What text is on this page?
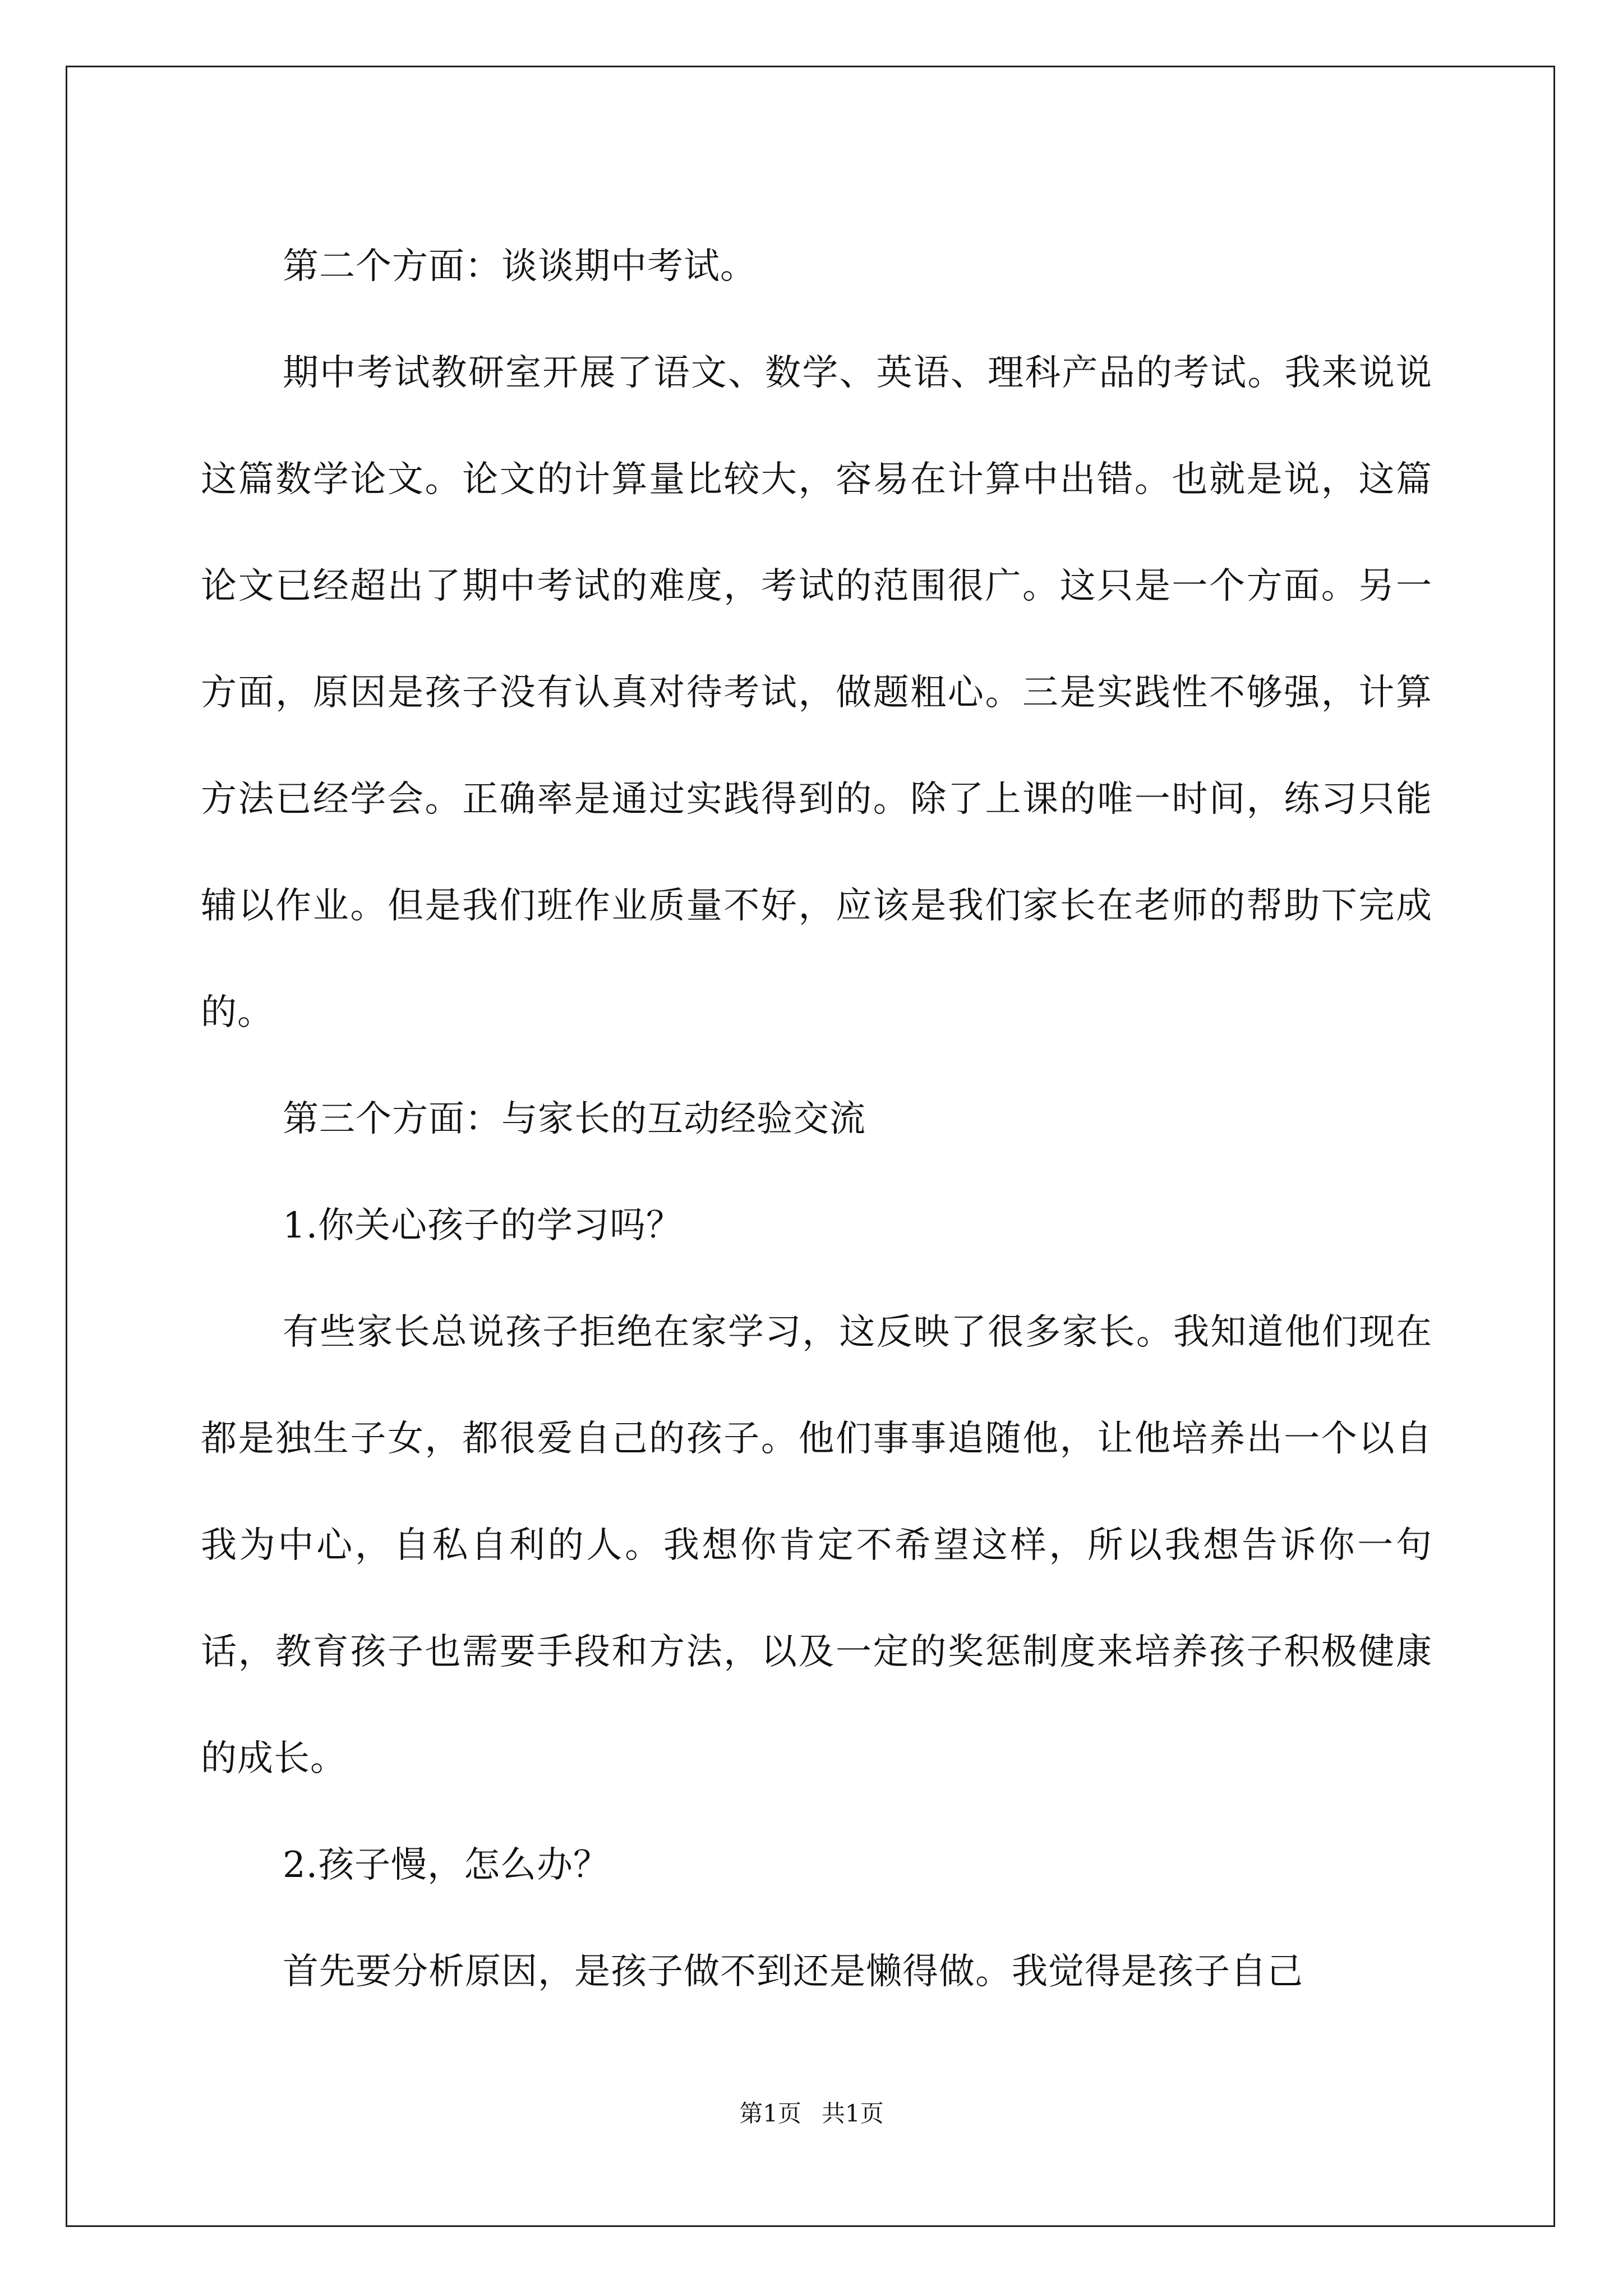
第二个方面：谈谈期中考试。

期中考试教研室开展了语文、数学、英语、理科产品的考试。我来说说这篇数学论文。论文的计算量比较大，容易在计算中出错。也就是说，这篇论文已经超出了期中考试的难度，考试的范围很广。这只是一个方面。另一方面，原因是孩子没有认真对待考试，做题粗心。三是实践性不够强，计算方法已经学会。正确率是通过实践得到的。除了上课的唯一时间，练习只能辅以作业。但是我们班作业质量不好，应该是我们家长在老师的帮助下完成的。

第三个方面：与家长的互动经验交流

1.你关心孩子的学习吗？

有些家长总说孩子拒绝在家学习，这反映了很多家长。我知道他们现在都是独生子女，都很爱自己的孩子。他们事事追随他，让他培养出一个以自我为中心，自私自利的人。我想你肯定不希望这样，所以我想告诉你一句话，教育孩子也需要手段和方法，以及一定的奖惩制度来培养孩子积极健康的成长。

2.孩子慢，怎么办？

首先要分析原因，是孩子做不到还是懒得做。我觉得是孩子自己

第1页 共1页
